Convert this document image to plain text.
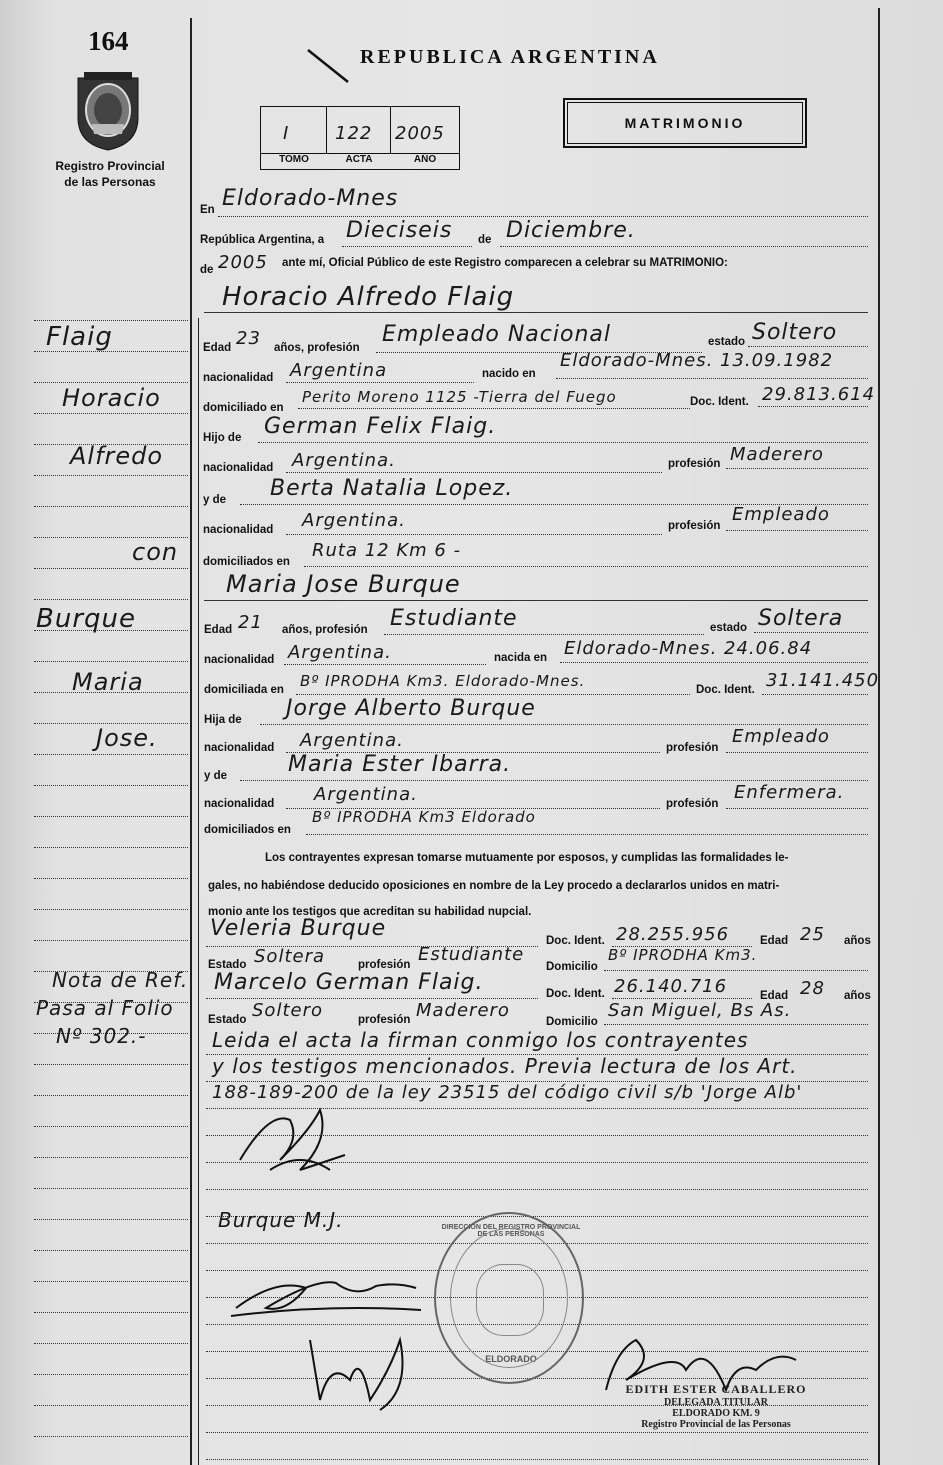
164
Registro Provincial
de las Personas
REPUBLICA ARGENTINA
I	122 2005
TOMO	ACTA	AÑO
MATRIMONIO
En Eldorado-Mnes
República Argentina, a Dieciseis de Diciembre.
de 2005 ante mí, Oficial Público de este Registro comparecen a celebrar su MATRIMONIO:
Horacio Alfredo Flaig
Edad 23 años, profesión
Empleado Nacional	estado Soltero
nacionalidad Argentina	nacido en
Eldorado-Mnes. 13.09.1982
domiciliado en
Perito Moreno 1125 -Tierra del Fuego	Doc. Ident. 29.813.614
Hijo de German Felix Flaig.
nacionalidad Argentina.	profesión Maderero
y de Berta Natalia Lopez.
nacionalidad Argentina.	profesión
Empleado
domiciliados en
Ruta 12 Km 6 -
Maria Jose Burque
Edad 21 años, profesión Estudiante	estado Soltera
nacionalidad Argentina.	nacida en Eldorado-Mnes. 24.06.84
domiciliada en Bº IPRODHA Km3. Eldorado-Mnes.	Doc. Ident. 31.141.450
Hija de Jorge Alberto Burque
nacionalidad Argentina.	profesión
Empleado
y de	Maria Ester Ibarra.
nacionalidad Argentina.	profesión
Enfermera.
domiciliados en
Bº IPRODHA Km3 Eldorado
Los contrayentes expresan tomarse mutuamente por esposos, y cumplidas las formalidades le-
gales, no habiéndose deducido oposiciones en nombre de la Ley procedo a declararlos unidos en matri-
monio ante los testigos que acreditan su habilidad nupcial.
Veleria Burque	Doc. Ident. 28.255.956	Edad 25 años
Estado Soltera	profesión Estudiante
Domicilio
Bº IPRODHA Km3.
Marcelo German Flaig.	Doc. Ident. 26.140.716	Edad 28 años
Estado Soltero	profesión Maderero
Domicilio
San Miguel, Bs As.
Leida el acta la firman conmigo los contrayentes
y los testigos mencionados. Previa lectura de los Art.
188-189-200 de la ley 23515 del código civil s/b 'Jorge Alb'
Flaig
Horacio
Alfredo
con
Burque
Maria
Jose.
Nota de Ref.
Pasa al Folio
Nº 302.-
Burque M.J.	DIRECCION DEL REGISTRO PROVINCIAL DE LAS PERSONAS
ELDORADO
EDITH ESTER CABALLERO
DELEGADA TITULAR
ELDORADO KM. 9
Registro Provincial de las Personas
